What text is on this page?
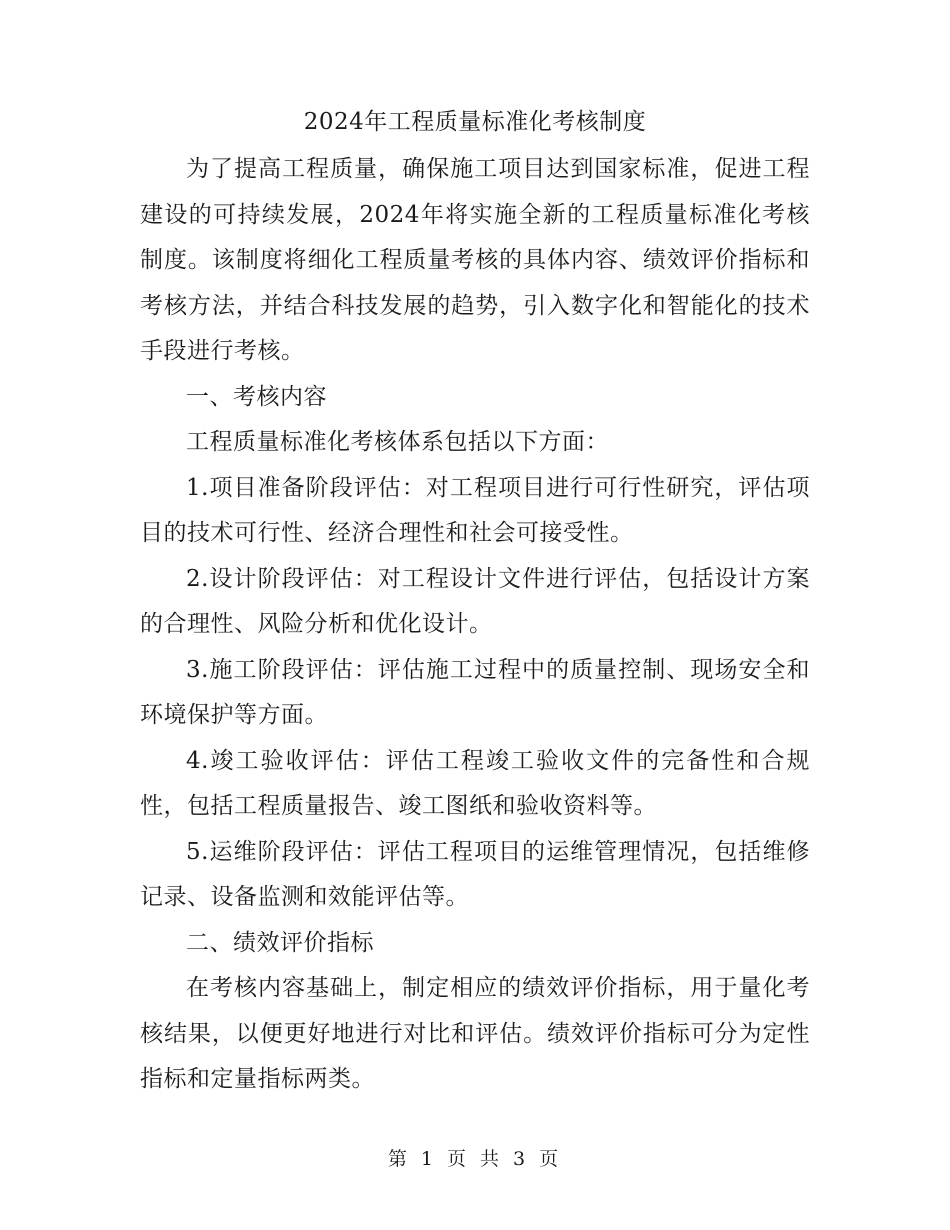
2024年工程质量标准化考核制度

为了提高工程质量，确保施工项目达到国家标准，促进工程建设的可持续发展，2024年将实施全新的工程质量标准化考核制度。该制度将细化工程质量考核的具体内容、绩效评价指标和考核方法，并结合科技发展的趋势，引入数字化和智能化的技术手段进行考核。

一、考核内容

工程质量标准化考核体系包括以下方面：

1.项目准备阶段评估：对工程项目进行可行性研究，评估项目的技术可行性、经济合理性和社会可接受性。

2.设计阶段评估：对工程设计文件进行评估，包括设计方案的合理性、风险分析和优化设计。

3.施工阶段评估：评估施工过程中的质量控制、现场安全和环境保护等方面。

4.竣工验收评估：评估工程竣工验收文件的完备性和合规性，包括工程质量报告、竣工图纸和验收资料等。

5.运维阶段评估：评估工程项目的运维管理情况，包括维修记录、设备监测和效能评估等。

二、绩效评价指标

在考核内容基础上，制定相应的绩效评价指标，用于量化考核结果，以便更好地进行对比和评估。绩效评价指标可分为定性指标和定量指标两类。

第 1 页 共 3 页
